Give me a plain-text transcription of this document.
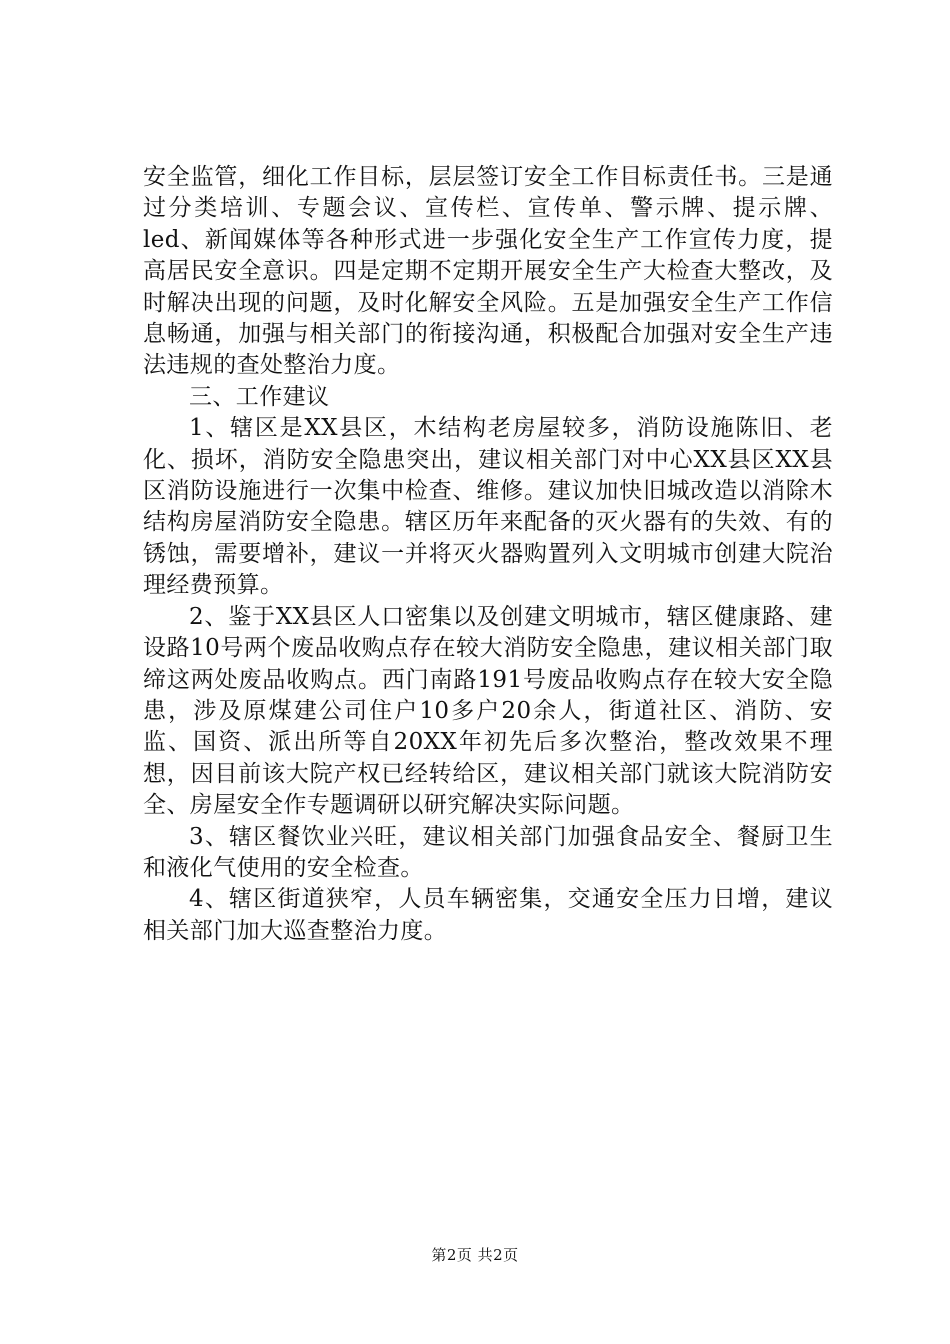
安全监管，细化工作目标，层层签订安全工作目标责任书。三是通过分类培训、专题会议、宣传栏、宣传单、警示牌、提示牌、led、新闻媒体等各种形式进一步强化安全生产工作宣传力度，提高居民安全意识。四是定期不定期开展安全生产大检查大整改，及时解决出现的问题，及时化解安全风险。五是加强安全生产工作信息畅通，加强与相关部门的衔接沟通，积极配合加强对安全生产违法违规的查处整治力度。

三、工作建议

1、辖区是XX县区，木结构老房屋较多，消防设施陈旧、老化、损坏，消防安全隐患突出，建议相关部门对中心XX县区XX县区消防设施进行一次集中检查、维修。建议加快旧城改造以消除木结构房屋消防安全隐患。辖区历年来配备的灭火器有的失效、有的锈蚀，需要增补，建议一并将灭火器购置列入文明城市创建大院治理经费预算。

2、鉴于XX县区人口密集以及创建文明城市，辖区健康路、建设路10号两个废品收购点存在较大消防安全隐患，建议相关部门取缔这两处废品收购点。西门南路191号废品收购点存在较大安全隐患，涉及原煤建公司住户10多户20余人，街道社区、消防、安监、国资、派出所等自20XX年初先后多次整治，整改效果不理想，因目前该大院产权已经转给区，建议相关部门就该大院消防安全、房屋安全作专题调研以研究解决实际问题。

3、辖区餐饮业兴旺，建议相关部门加强食品安全、餐厨卫生和液化气使用的安全检查。

4、辖区街道狭窄，人员车辆密集，交通安全压力日增，建议相关部门加大巡查整治力度。

第2页 共2页
